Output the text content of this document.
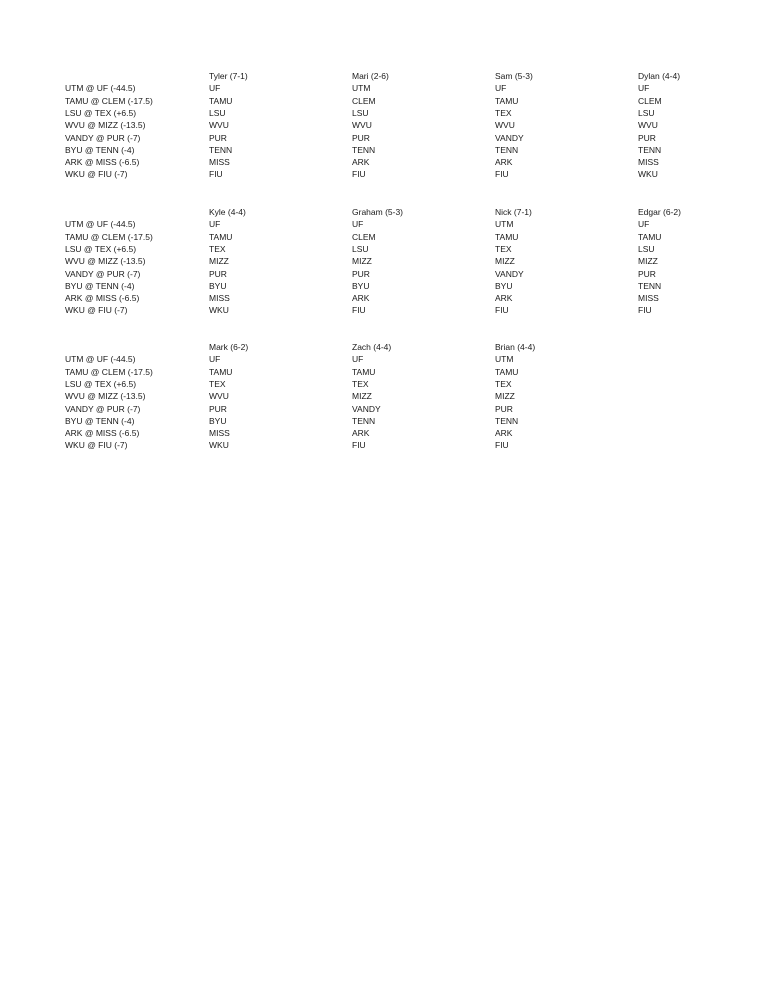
UTM @ UF (-44.5)
TAMU @ CLEM (-17.5)
LSU @ TEX (+6.5)
WVU @ MIZZ (-13.5)
VANDY @ PUR (-7)
BYU @ TENN (-4)
ARK @ MISS (-6.5)
WKU @ FIU (-7)
Tyler (7-1)
UF
TAMU
LSU
WVU
PUR
TENN
MISS
FIU
Mari (2-6)
UTM
CLEM
LSU
WVU
PUR
TENN
ARK
FIU
Sam (5-3)
UF
TAMU
TEX
WVU
VANDY
TENN
ARK
FIU
Dylan (4-4)
UF
CLEM
LSU
WVU
PUR
TENN
MISS
WKU
UTM @ UF (-44.5)
TAMU @ CLEM (-17.5)
LSU @ TEX (+6.5)
WVU @ MIZZ (-13.5)
VANDY @ PUR (-7)
BYU @ TENN (-4)
ARK @ MISS (-6.5)
WKU @ FIU (-7)
Kyle (4-4)
UF
TAMU
TEX
MIZZ
PUR
BYU
MISS
WKU
Graham (5-3)
UF
CLEM
LSU
MIZZ
PUR
BYU
ARK
FIU
Nick (7-1)
UTM
TAMU
TEX
MIZZ
VANDY
BYU
ARK
FIU
Edgar (6-2)
UF
TAMU
LSU
MIZZ
PUR
TENN
MISS
FIU
UTM @ UF (-44.5)
TAMU @ CLEM (-17.5)
LSU @ TEX (+6.5)
WVU @ MIZZ (-13.5)
VANDY @ PUR (-7)
BYU @ TENN (-4)
ARK @ MISS (-6.5)
WKU @ FIU (-7)
Mark (6-2)
UF
TAMU
TEX
WVU
PUR
BYU
MISS
WKU
Zach (4-4)
UF
TAMU
TEX
MIZZ
VANDY
TENN
ARK
FIU
Brian (4-4)
UTM
TAMU
TEX
MIZZ
PUR
TENN
ARK
FIU
